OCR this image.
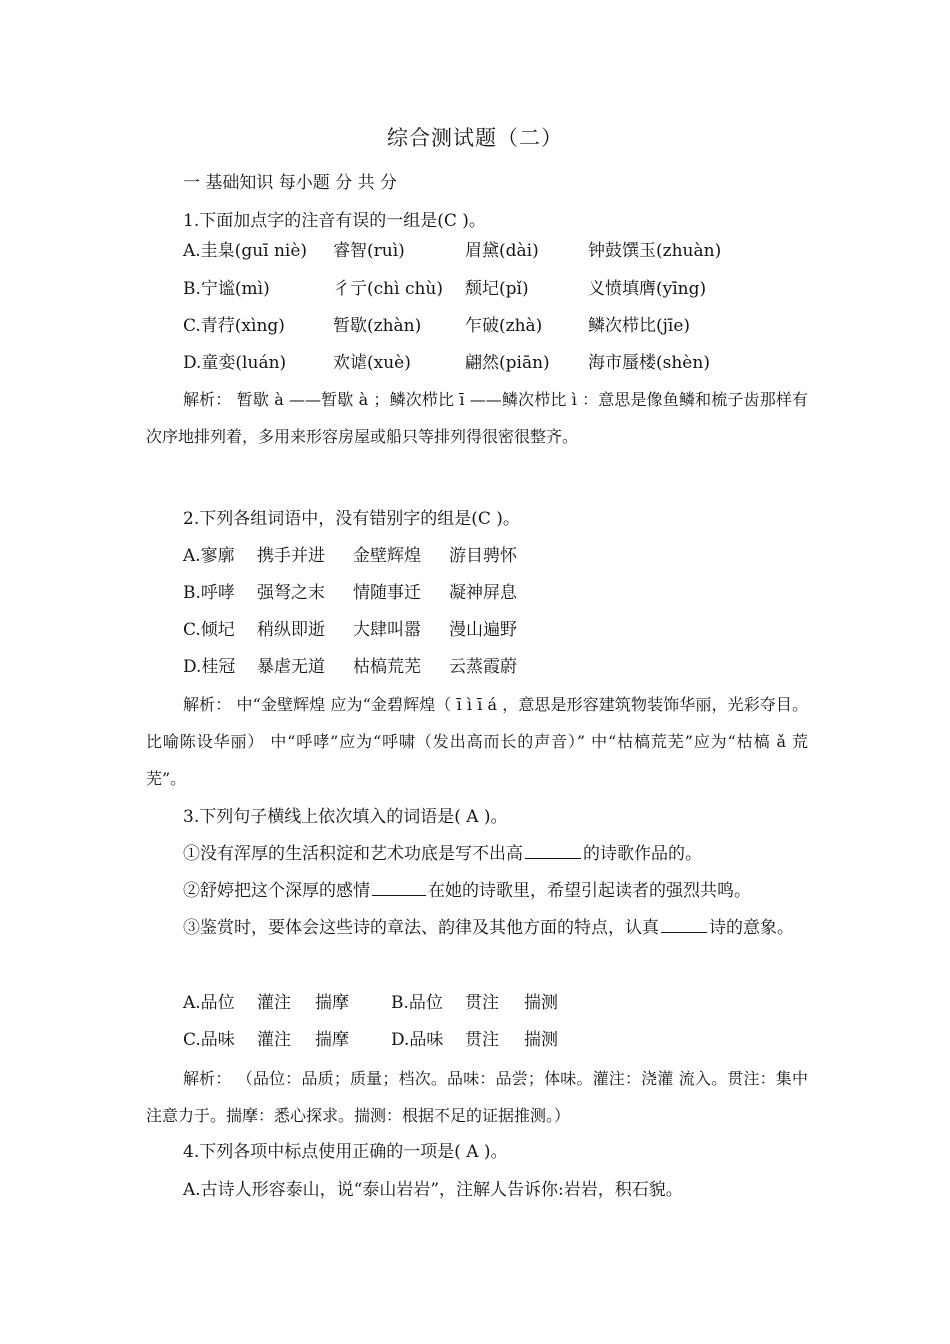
综合测试题（二）
一 基础知识 每小题 分 共 分
1.下面加点字的注音有误的一组是(C )。
A.圭臬(guī niè) 睿智(ruì)	眉黛(dài)	钟鼓馔玉(zhuàn)
B.宁谧(mì)	彳亍(chì chù) 颓圮(pǐ)	义愤填膺(yīng)
C.青荇(xìng)	暂歇(zhàn)	乍破(zhà)	鳞次栉比(jīe)
D.童娈(luán)	欢谑(xuè)	翩然(piān) 海市蜃楼(shèn)
解析： 暂歇 à ——暂歇 à ；鳞次栉比 ī ——鳞次栉比 ì ：意思是像鱼鳞和梳子齿那样有次序地排列着，多用来形容房屋或船只等排列得很密很整齐。
2.下列各组词语中，没有错别字的组是(C )。
A.寥廓 携手并进 金壁辉煌 游目骋怀
B.呼哮 强弩之末 情随事迁 凝神屏息
C.倾圮 稍纵即逝 大肆叫嚣 漫山遍野
D.桂冠 暴虐无道 枯槁荒芜 云蒸霞蔚
解析： 中“金壁辉煌 应为“金碧辉煌（ ī ì ī á ，意思是形容建筑物装饰华丽，光彩夺目。比喻陈设华丽） 中“呼哮”应为“呼啸（发出高而长的声音）” 中“枯槁荒芜”应为“枯槁 ǎ 荒芜”。
3.下列句子横线上依次填入的词语是( A )。
①没有浑厚的生活积淀和艺术功底是写不出高	的诗歌作品的。
②舒婷把这个深厚的感情	在她的诗歌里，希望引起读者的强烈共鸣。
③鉴赏时，要体会这些诗的章法、韵律及其他方面的特点，认真	诗的意象。
A.品位 灌注 揣摩 B.品位 贯注 揣测
C.品味 灌注 揣摩 D.品味 贯注 揣测
解析： （品位：品质；质量；档次。品味：品尝；体味。灌注：浇灌 流入。贯注：集中注意力于。揣摩：悉心探求。揣测：根据不足的证据推测。）
4.下列各项中标点使用正确的一项是( A )。
A.古诗人形容泰山，说“泰山岩岩”，注解人告诉你:岩岩，积石貌。
